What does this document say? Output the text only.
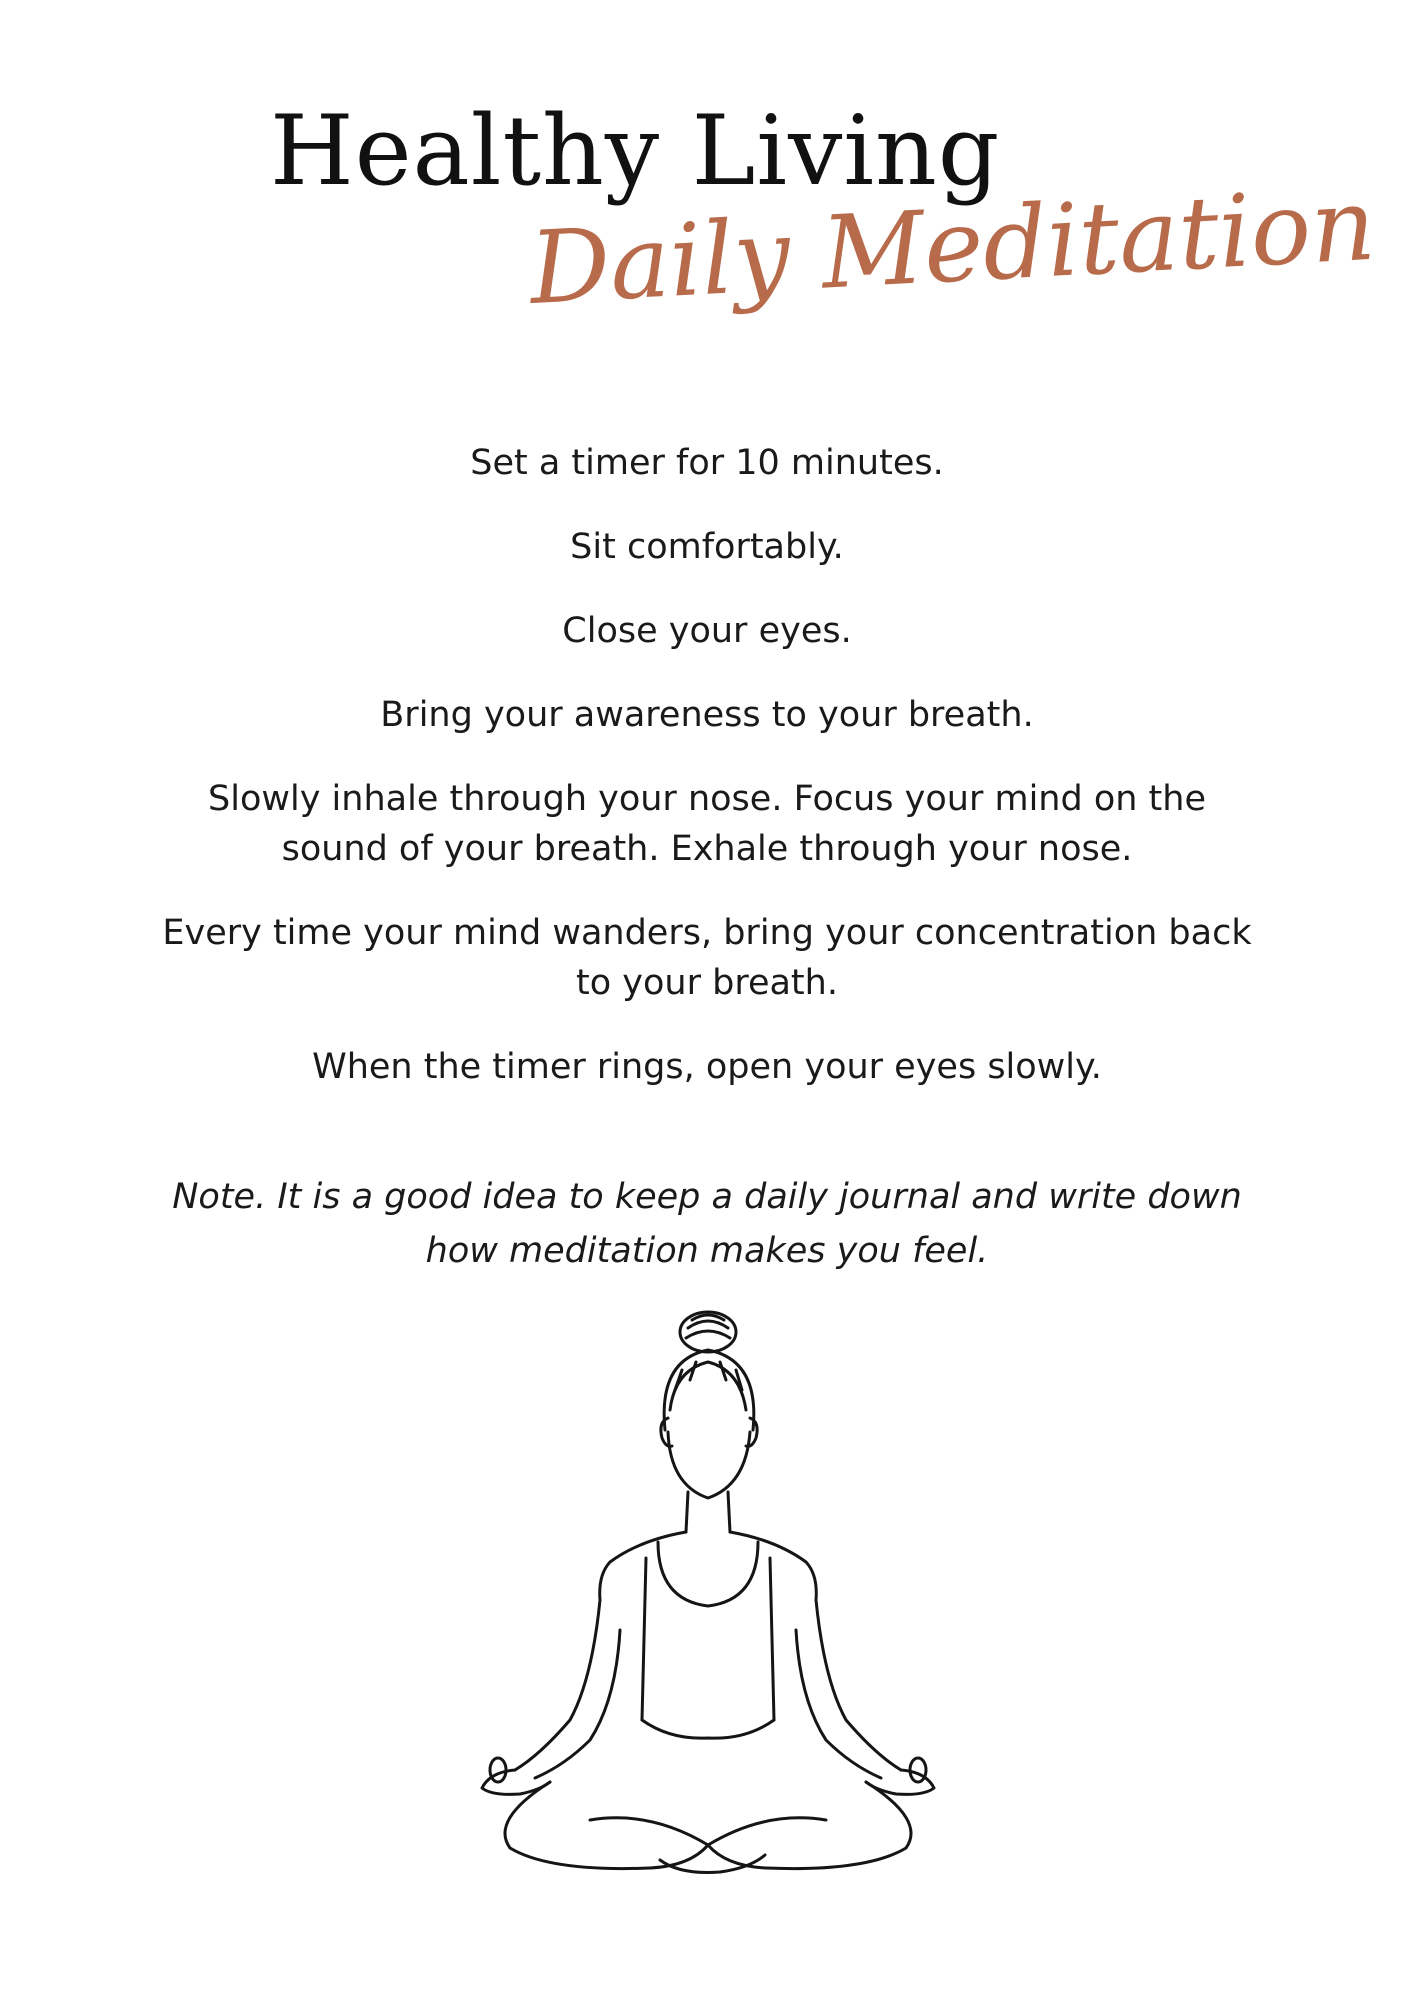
Healthy Living
Daily Meditation

Set a timer for 10 minutes.

Sit comfortably.

Close your eyes.

Bring your awareness to your breath.

Slowly inhale through your nose. Focus your mind on the sound of your breath. Exhale through your nose.

Every time your mind wanders, bring your concentration back to your breath.

When the timer rings, open your eyes slowly.

Note. It is a good idea to keep a daily journal and write down how meditation makes you feel.
